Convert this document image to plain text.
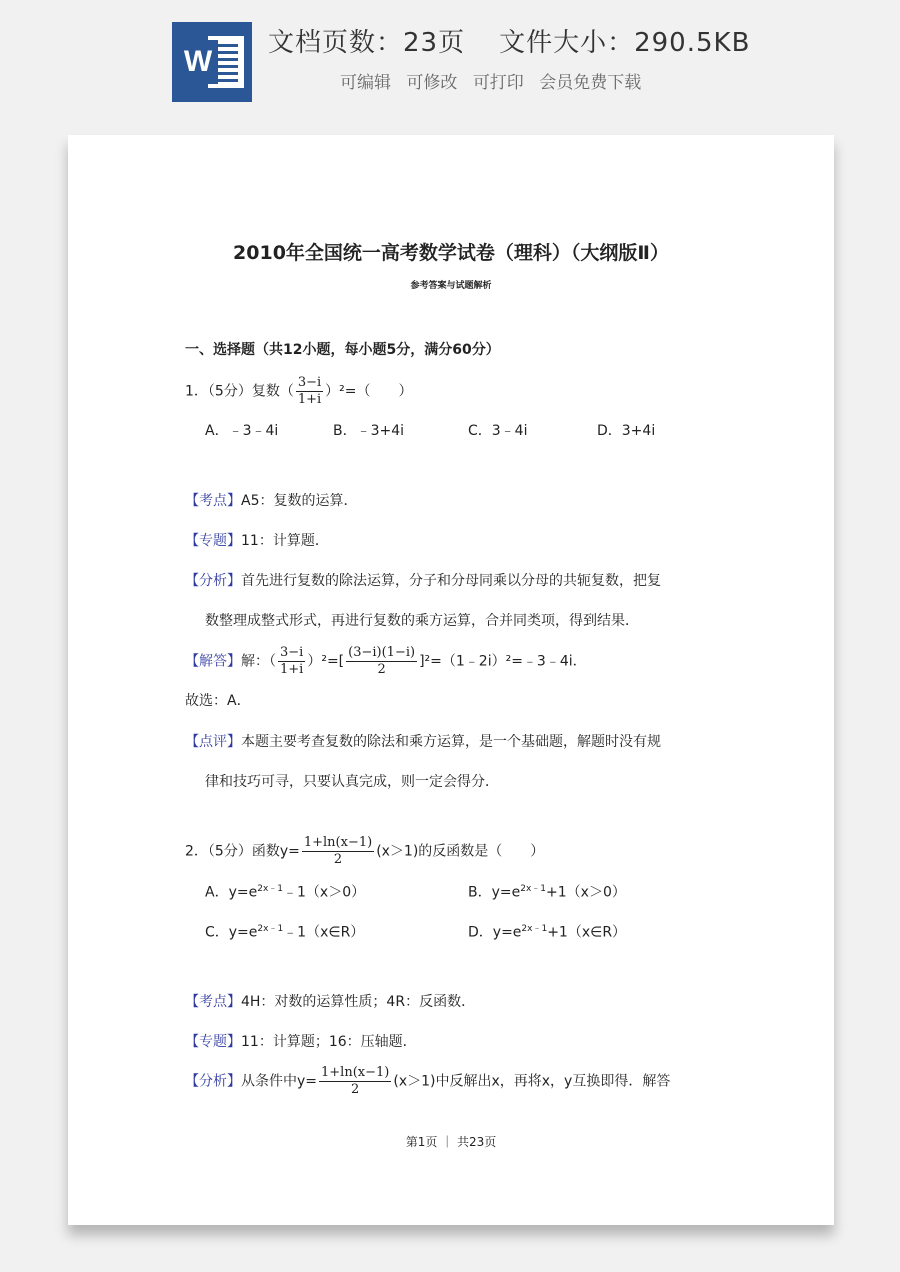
W
文档页数：23页 文件大小：290.5KB
可编辑 可修改 可打印 会员免费下载
2010年全国统一高考数学试卷（理科）（大纲版Ⅱ）
参考答案与试题解析
一、选择题（共12小题，每小题5分，满分60分）
1．（5分）复数（ $\frac{3-i}{1+i} )^2=$（　　）
A．﹣3﹣4i	B．﹣3+4i	C．3﹣4i	D．3+4i
【考点】A5：复数的运算．
【专题】11：计算题．
【分析】首先进行复数的除法运算，分子和分母同乘以分母的共轭复数，把复
数整理成整式形式，再进行复数的乘方运算，合并同类项，得到结果．
【解答】解：（ $\frac{3-i}{1+i} )^2=[ \frac{(3-i)(1-i)}{2}$ ]²=（1﹣2i）²=﹣3﹣4i．
故选：A．
【点评】本题主要考查复数的除法和乘方运算，是一个基础题，解题时没有规
律和技巧可寻，只要认真完成，则一定会得分．
2．（5分）函数$y= \frac{1+\ln(x-1)}{2} (x>1)$的反函数是（　　）
A．$y=e^{2x﹣1}﹣1(x>0)$	B．$y=e^{2x﹣1}+1(x>0)$
C．$y=e^{2x﹣1}﹣1(x\in R)$	D．$y=e^{2x﹣1}+1(x\in R)$
【考点】4H：对数的运算性质；4R：反函数．
【专题】11：计算题；16：压轴题．
【分析】从条件中$y= \frac{1+\ln(x-1)}{2} (x>1)$中反解出x，再将x，y互换即得．解答
第1页 ｜ 共23页
